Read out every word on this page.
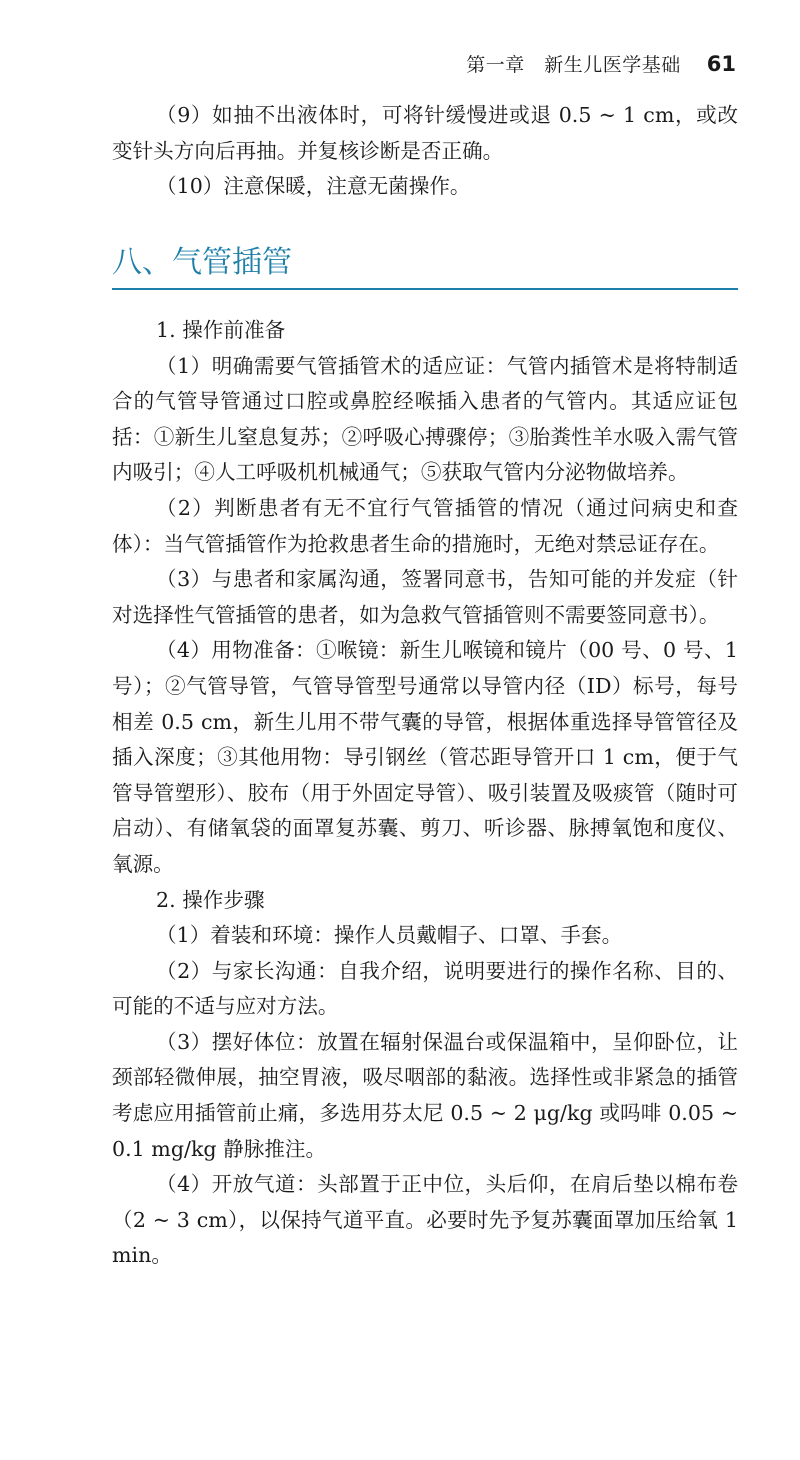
第一章　新生儿医学基础 61

（9）如抽不出液体时，可将针缓慢进或退 0.5 ~ 1 cm，或改变针头方向后再抽。并复核诊断是否正确。

（10）注意保暖，注意无菌操作。

八、气管插管

1. 操作前准备

（1）明确需要气管插管术的适应证：气管内插管术是将特制适合的气管导管通过口腔或鼻腔经喉插入患者的气管内。其适应证包括：①新生儿窒息复苏；②呼吸心搏骤停；③胎粪性羊水吸入需气管内吸引；④人工呼吸机机械通气；⑤获取气管内分泌物做培养。

（2）判断患者有无不宜行气管插管的情况（通过问病史和查体）：当气管插管作为抢救患者生命的措施时，无绝对禁忌证存在。

（3）与患者和家属沟通，签署同意书，告知可能的并发症（针对选择性气管插管的患者，如为急救气管插管则不需要签同意书）。

（4）用物准备：①喉镜：新生儿喉镜和镜片（00 号、0 号、1 号）；②气管导管，气管导管型号通常以导管内径（ID）标号，每号相差 0.5 cm，新生儿用不带气囊的导管，根据体重选择导管管径及插入深度；③其他用物：导引钢丝（管芯距导管开口 1 cm，便于气管导管塑形）、胶布（用于外固定导管）、吸引装置及吸痰管（随时可启动）、有储氧袋的面罩复苏囊、剪刀、听诊器、脉搏氧饱和度仪、氧源。

2. 操作步骤

（1）着装和环境：操作人员戴帽子、口罩、手套。

（2）与家长沟通：自我介绍，说明要进行的操作名称、目的、可能的不适与应对方法。

（3）摆好体位：放置在辐射保温台或保温箱中，呈仰卧位，让颈部轻微伸展，抽空胃液，吸尽咽部的黏液。选择性或非紧急的插管考虑应用插管前止痛，多选用芬太尼 0.5 ~ 2 μg/kg 或吗啡 0.05 ~ 0.1 mg/kg 静脉推注。

（4）开放气道：头部置于正中位，头后仰，在肩后垫以棉布卷（2 ~ 3 cm），以保持气道平直。必要时先予复苏囊面罩加压给氧 1 min。
